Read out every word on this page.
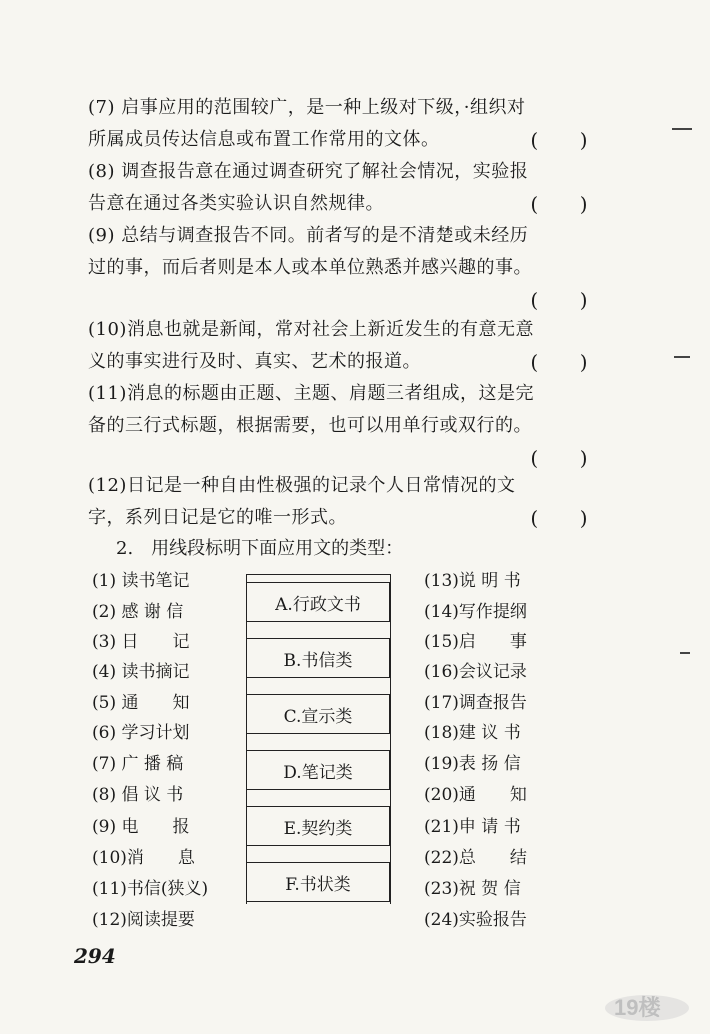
(7) 启事应用的范围较广，是一种上级对下级，·组织对
所属成员传达信息或布置工作常用的文体。	(　　)
(8) 调查报告意在通过调查研究了解社会情况，实验报
告意在通过各类实验认识自然规律。	(　　)
(9) 总结与调查报告不同。前者写的是不清楚或未经历
过的事，而后者则是本人或本单位熟悉并感兴趣的事。
(　　)
(10)消息也就是新闻，常对社会上新近发生的有意无意
义的事实进行及时、真实、艺术的报道。	(　　)
(11)消息的标题由正题、主题、肩题三者组成，这是完
备的三行式标题，根据需要，也可以用单行或双行的。
(　　)
(12)日记是一种自由性极强的记录个人日常情况的文
字，系列日记是它的唯一形式。	(　　)
2.　用线段标明下面应用文的类型：
(1) 读书笔记
(2) 感 谢 信
(3) 日　　记
(4) 读书摘记
(5) 通　　知
(6) 学习计划
(7) 广 播 稿
(8) 倡 议 书
(9) 电　　报
(10)消　　息
(11)书信(狭义)
(12)阅读提要
A.行政文书
B.书信类
C.宣示类
D.笔记类
E.契约类
F.书状类
(13)说 明 书
(14)写作提纲
(15)启　　事
(16)会议记录
(17)调查报告
(18)建 议 书
(19)表 扬 信
(20)通　　知
(21)申 请 书
(22)总　　结
(23)祝 贺 信
(24)实验报告
294
19楼
